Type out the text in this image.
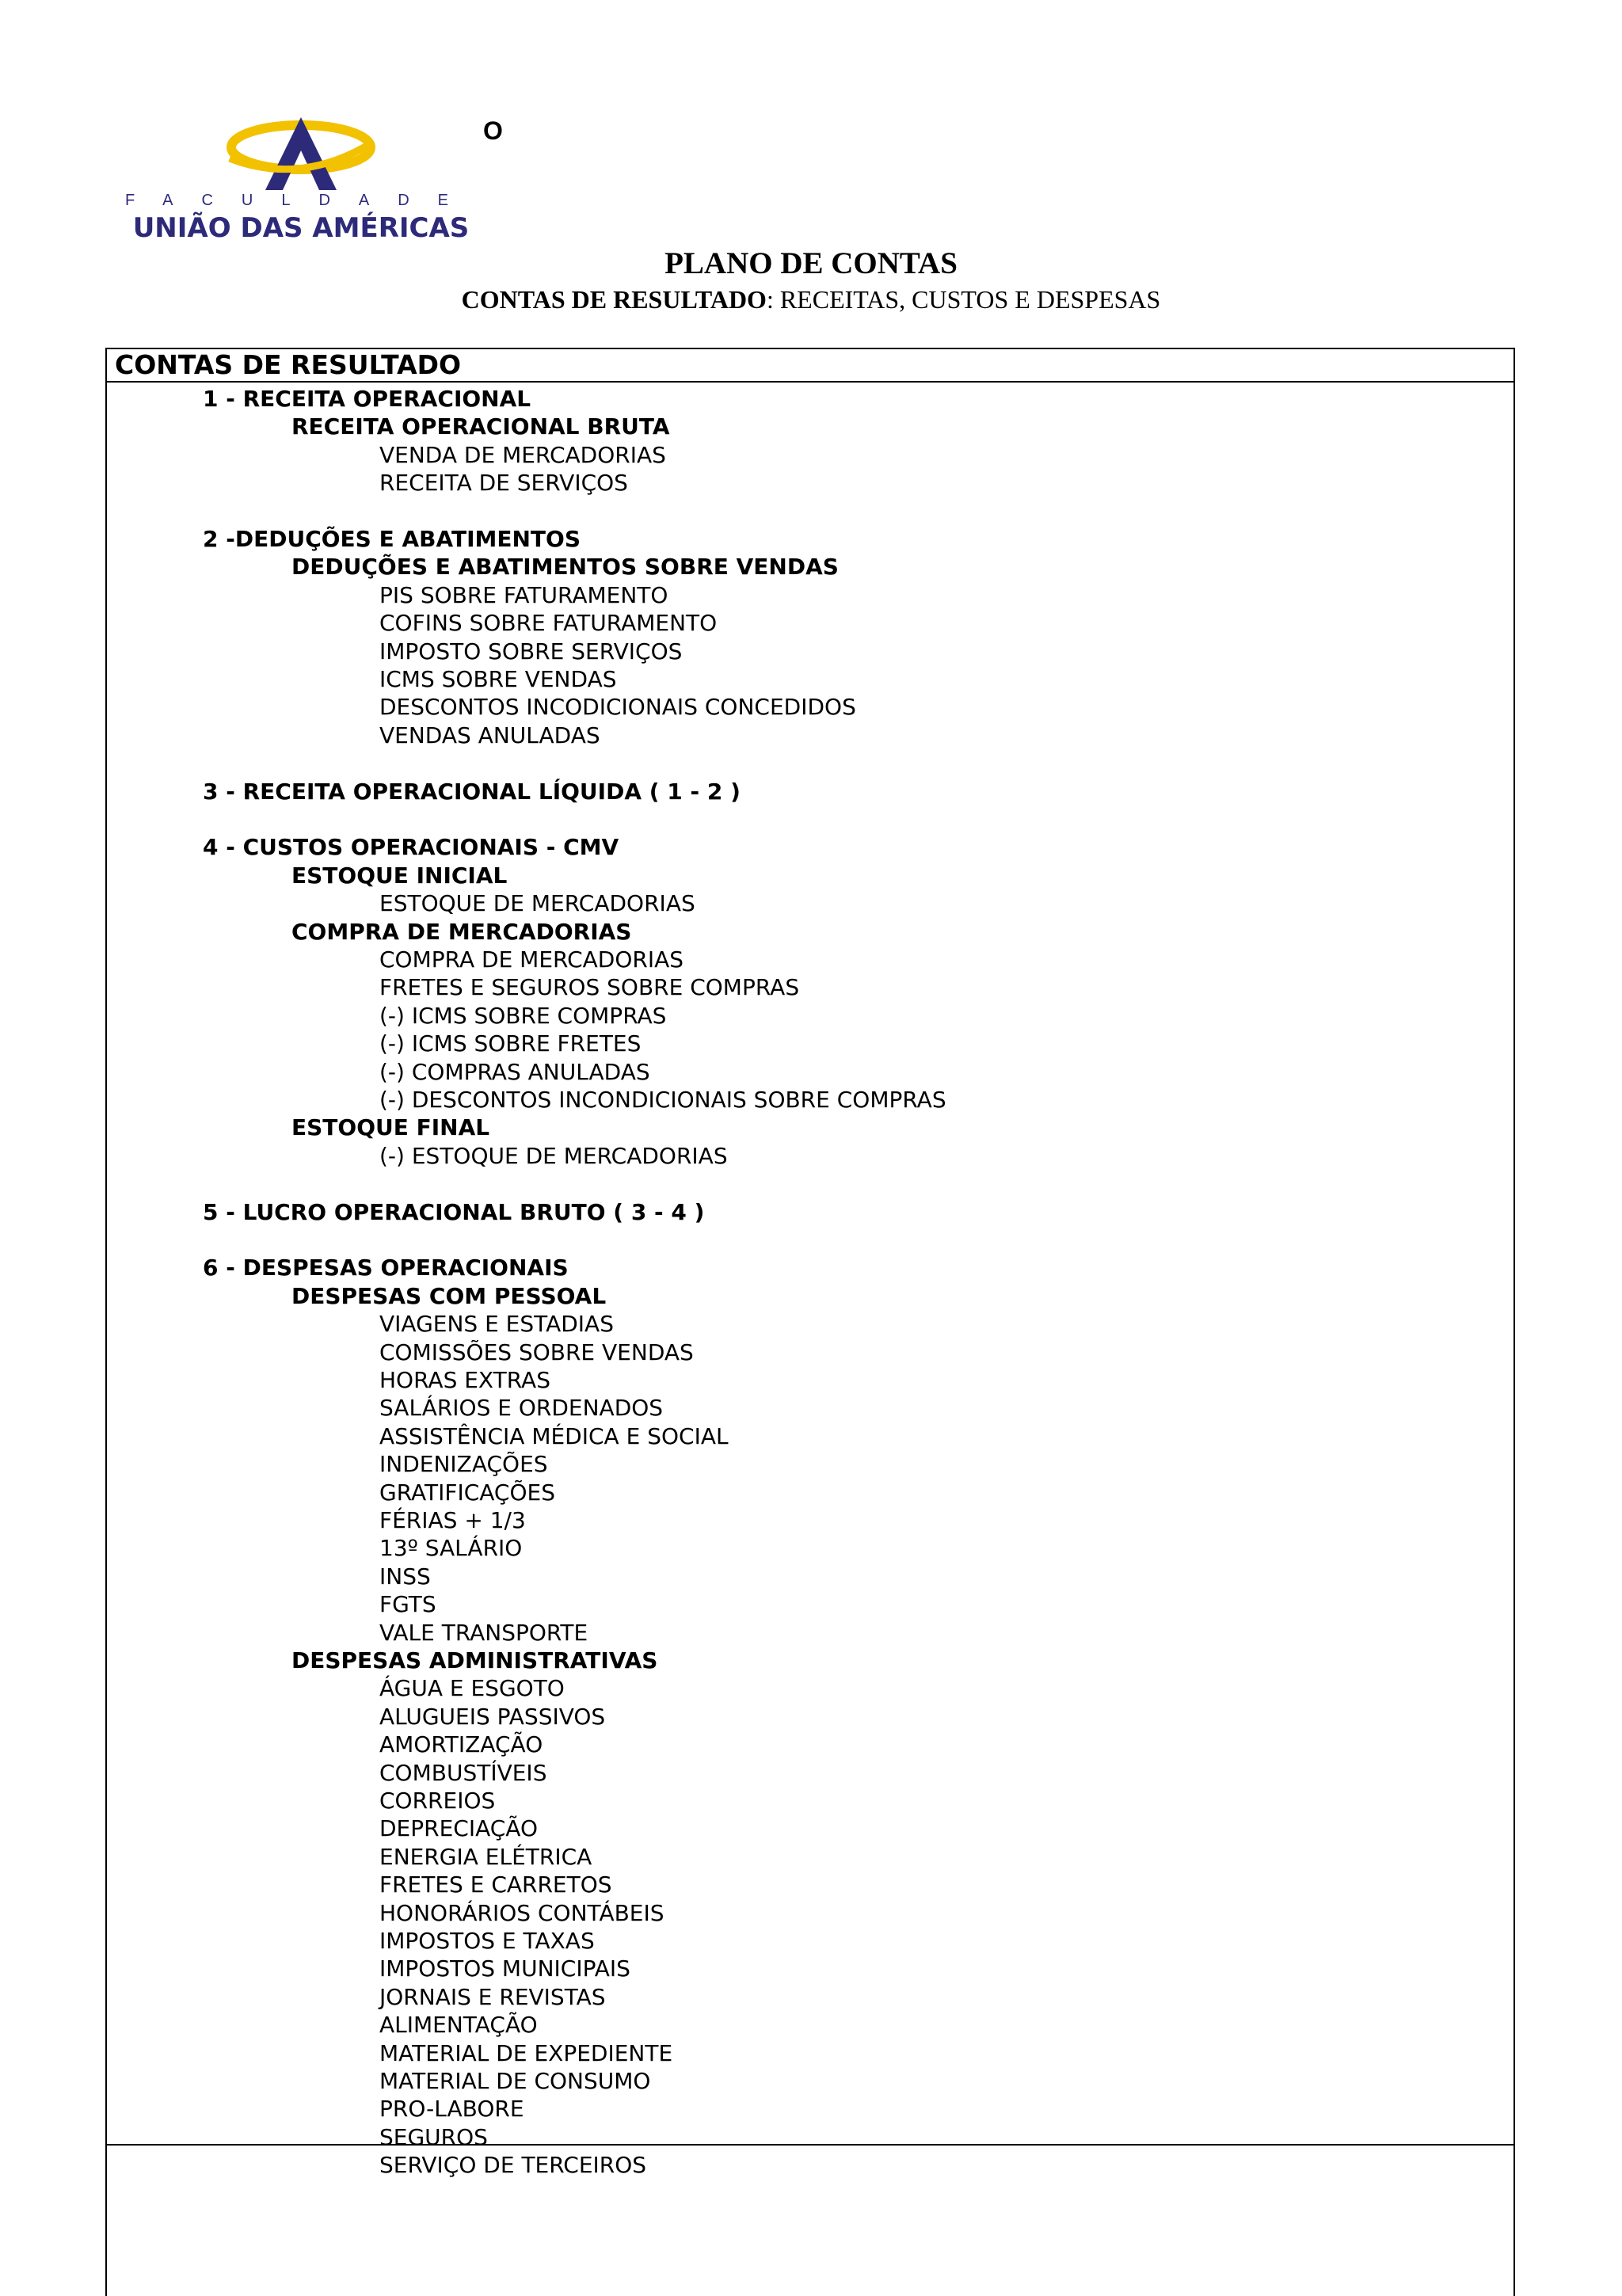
FACULDADE
UNIÃO DAS AMÉRICAS
O
PLANO DE CONTAS
CONTAS DE RESULTADO: RECEITAS, CUSTOS E DESPESAS
CONTAS DE RESULTADO
1 - RECEITA OPERACIONAL
RECEITA OPERACIONAL BRUTA
VENDA DE MERCADORIAS
RECEITA DE SERVIÇOS
2 -DEDUÇÕES E ABATIMENTOS
DEDUÇÕES E ABATIMENTOS SOBRE VENDAS
PIS SOBRE FATURAMENTO
COFINS SOBRE FATURAMENTO
IMPOSTO SOBRE SERVIÇOS
ICMS SOBRE VENDAS
DESCONTOS INCODICIONAIS CONCEDIDOS
VENDAS ANULADAS
3 - RECEITA OPERACIONAL LÍQUIDA ( 1 - 2 )
4 - CUSTOS OPERACIONAIS - CMV
ESTOQUE INICIAL
ESTOQUE DE MERCADORIAS
COMPRA DE MERCADORIAS
COMPRA DE MERCADORIAS
FRETES E SEGUROS SOBRE COMPRAS
(-) ICMS SOBRE COMPRAS
(-) ICMS SOBRE FRETES
(-) COMPRAS ANULADAS
(-) DESCONTOS INCONDICIONAIS SOBRE COMPRAS
ESTOQUE FINAL
(-) ESTOQUE DE MERCADORIAS
5 - LUCRO OPERACIONAL BRUTO ( 3 - 4 )
6 - DESPESAS OPERACIONAIS
DESPESAS COM PESSOAL
VIAGENS E ESTADIAS
COMISSÕES SOBRE VENDAS
HORAS EXTRAS
SALÁRIOS E ORDENADOS
ASSISTÊNCIA MÉDICA E SOCIAL
INDENIZAÇÕES
GRATIFICAÇÕES
FÉRIAS + 1/3
13º SALÁRIO
INSS
FGTS
VALE TRANSPORTE
DESPESAS ADMINISTRATIVAS
ÁGUA E ESGOTO
ALUGUEIS PASSIVOS
AMORTIZAÇÃO
COMBUSTÍVEIS
CORREIOS
DEPRECIAÇÃO
ENERGIA ELÉTRICA
FRETES E CARRETOS
HONORÁRIOS CONTÁBEIS
IMPOSTOS E TAXAS
IMPOSTOS MUNICIPAIS
JORNAIS E REVISTAS
ALIMENTAÇÃO
MATERIAL DE EXPEDIENTE
MATERIAL DE CONSUMO
PRO-LABORE
SEGUROS
SERVIÇO DE TERCEIROS
